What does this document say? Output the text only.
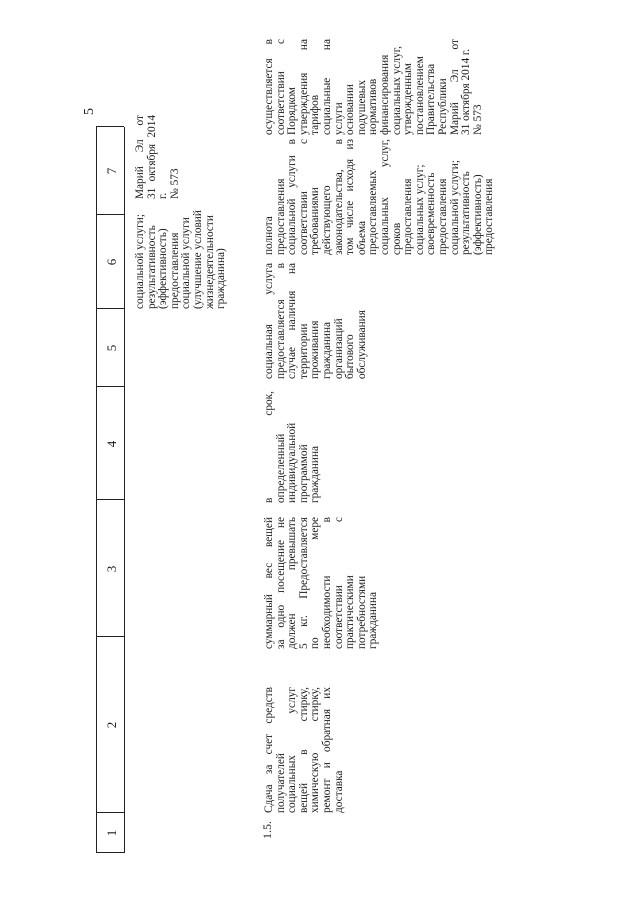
5
1
2
3
4
5
6
7
социальной услуги; результативность (эффективность) предоставления социальной услуги (улучшение условий жизнедеятельности гражданина)
Марий Эл от 31 октября 2014 г. № 573
1.5.
Сдача за счет средств получателей социальных услуг вещей в стирку, химическую стирку, ремонт и обратная их доставка
суммарный вес вещей за одно посещение не должен превышать 5 кг. Предоставляется по мере необходимости в соответствии с практическими потребностями гражданина
в срок, определенный индивидуальной программой гражданина
социальная услуга предоставляется в случае наличия на территории проживания гражданина организаций бытового обслуживания
полнота предоставления социальной услуги в соответствии с требованиями действующего законодательства, в том числе исходя из объема предоставляемых социальных услуг, сроков предоставления социальных услуг; своевременность предоставления социальной услуги; результативность (эффективность) предоставления
осуществляется в соответствии с Порядком утверждения на тарифов социальные на услуги основании подушевых нормативов финансирования социальных услуг, утвержденным постановлением Правительства Республики Марий Эл от 31 октября 2014 г. № 573
